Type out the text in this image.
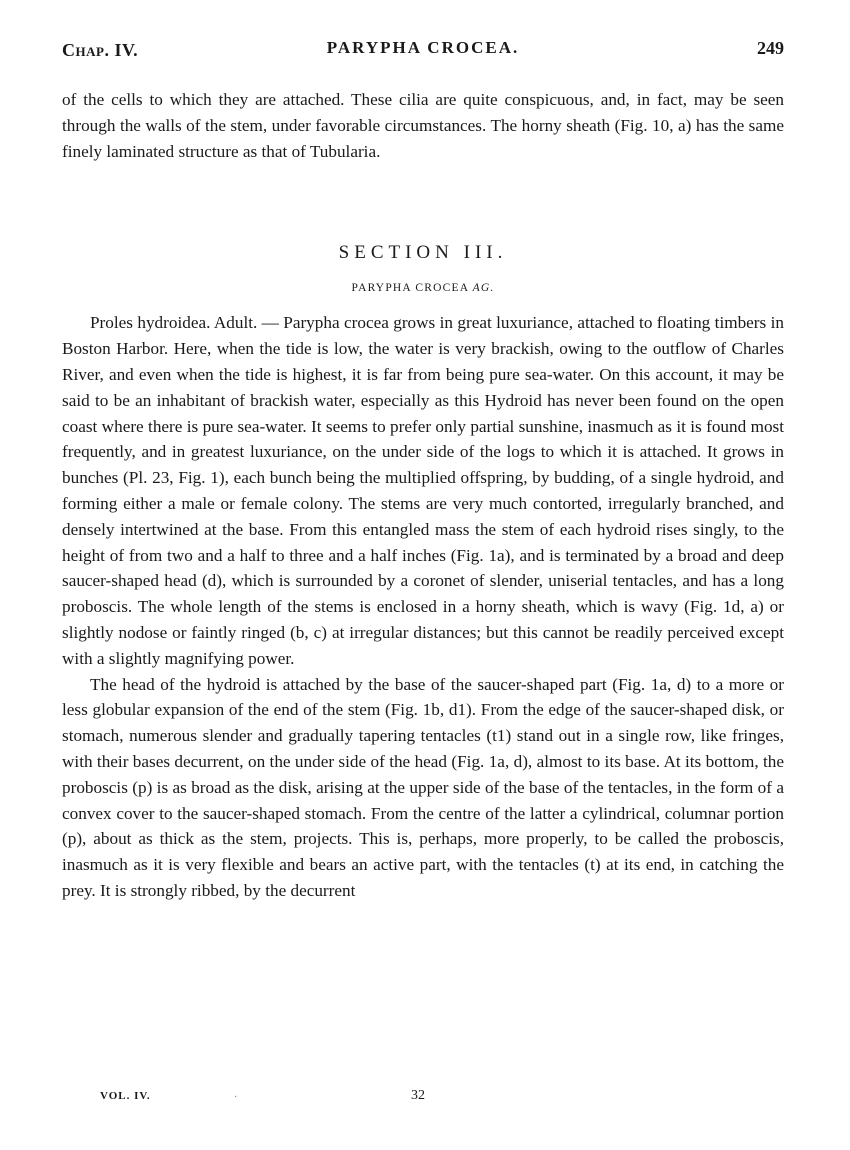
Chap. IV.	PARYPHA CROCEA.	249

of the cells to which they are attached. These cilia are quite conspicuous, and, in fact, may be seen through the walls of the stem, under favorable circumstances. The horny sheath (Fig. 10, a) has the same finely laminated structure as that of Tubularia.

SECTION III.
PARYPHA CROCEA AG.

Proles hydroidea. Adult. — Parypha crocea grows in great luxuriance, attached to floating timbers in Boston Harbor. Here, when the tide is low, the water is very brackish, owing to the outflow of Charles River, and even when the tide is highest, it is far from being pure sea-water. On this account, it may be said to be an inhabitant of brackish water, especially as this Hydroid has never been found on the open coast where there is pure sea-water. It seems to prefer only partial sunshine, inasmuch as it is found most frequently, and in greatest luxuriance, on the under side of the logs to which it is attached. It grows in bunches (Pl. 23, Fig. 1), each bunch being the multiplied offspring, by budding, of a single hydroid, and forming either a male or female colony. The stems are very much contorted, irregularly branched, and densely intertwined at the base. From this entangled mass the stem of each hydroid rises singly, to the height of from two and a half to three and a half inches (Fig. 1a), and is terminated by a broad and deep saucer-shaped head (d), which is surrounded by a coronet of slender, uniserial tentacles, and has a long proboscis. The whole length of the stems is enclosed in a horny sheath, which is wavy (Fig. 1d, a) or slightly nodose or faintly ringed (b, c) at irregular distances; but this cannot be readily perceived except with a slightly magnifying power.

The head of the hydroid is attached by the base of the saucer-shaped part (Fig. 1a, d) to a more or less globular expansion of the end of the stem (Fig. 1b, d1). From the edge of the saucer-shaped disk, or stomach, numerous slender and gradually tapering tentacles (t1) stand out in a single row, like fringes, with their bases decurrent, on the under side of the head (Fig. 1a, d), almost to its base. At its bottom, the proboscis (p) is as broad as the disk, arising at the upper side of the base of the tentacles, in the form of a convex cover to the saucer-shaped stomach. From the centre of the latter a cylindrical, columnar portion (p), about as thick as the stem, projects. This is, perhaps, more properly, to be called the proboscis, inasmuch as it is very flexible and bears an active part, with the tentacles (t) at its end, in catching the prey. It is strongly ribbed, by the decurrent

VOL. IV.	·	32
